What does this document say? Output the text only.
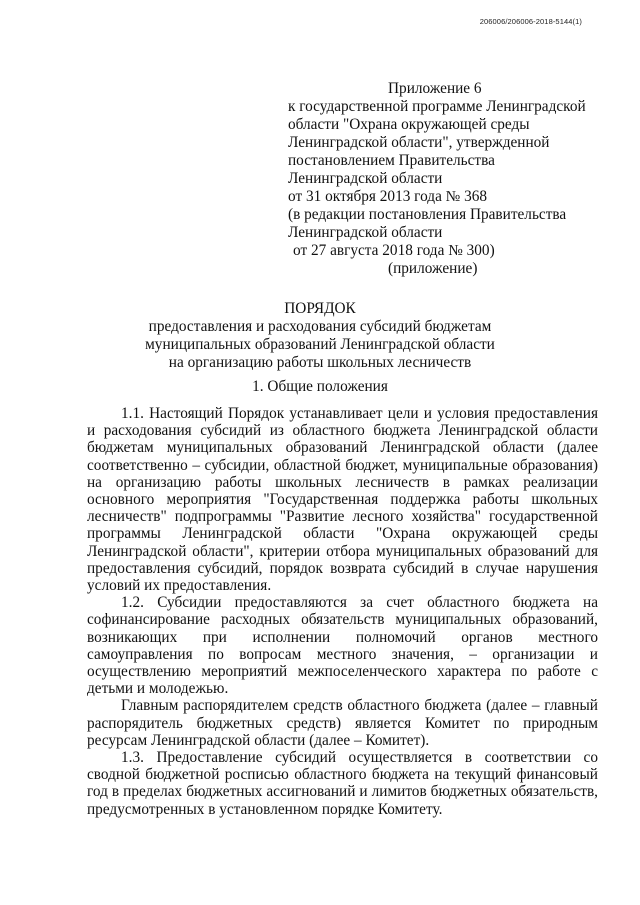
206006/206006-2018-5144(1)
Приложение 6
к государственной программе Ленинградской
области "Охрана окружающей среды
Ленинградской области", утвержденной
постановлением Правительства
Ленинградской области
от 31 октября 2013 года № 368
(в редакции постановления Правительства
Ленинградской области
от 27 августа 2018 года № 300)
(приложение)
ПОРЯДОК
предоставления и расходования субсидий бюджетам
муниципальных образований Ленинградской области
на организацию работы школьных лесничеств
1. Общие положения

1.1. Настоящий Порядок устанавливает цели и условия предоставления и расходования субсидий из областного бюджета Ленинградской области бюджетам муниципальных образований Ленинградской области (далее соответственно – субсидии, областной бюджет, муниципальные образования) на организацию работы школьных лесничеств в рамках реализации основного мероприятия "Государственная поддержка работы школьных лесничеств" подпрограммы "Развитие лесного хозяйства" государственной программы Ленинградской области "Охрана окружающей среды Ленинградской области", критерии отбора муниципальных образований для предоставления субсидий, порядок возврата субсидий в случае нарушения условий их предоставления.

1.2. Субсидии предоставляются за счет областного бюджета на софинансирование расходных обязательств муниципальных образований, возникающих при исполнении полномочий органов местного самоуправления по вопросам местного значения, – организации и осуществлению мероприятий межпоселенческого характера по работе с детьми и молодежью.

Главным распорядителем средств областного бюджета (далее – главный распорядитель бюджетных средств) является Комитет по природным ресурсам Ленинградской области (далее – Комитет).

1.3. Предоставление субсидий осуществляется в соответствии со сводной бюджетной росписью областного бюджета на текущий финансовый год в пределах бюджетных ассигнований и лимитов бюджетных обязательств, предусмотренных в установленном порядке Комитету.
